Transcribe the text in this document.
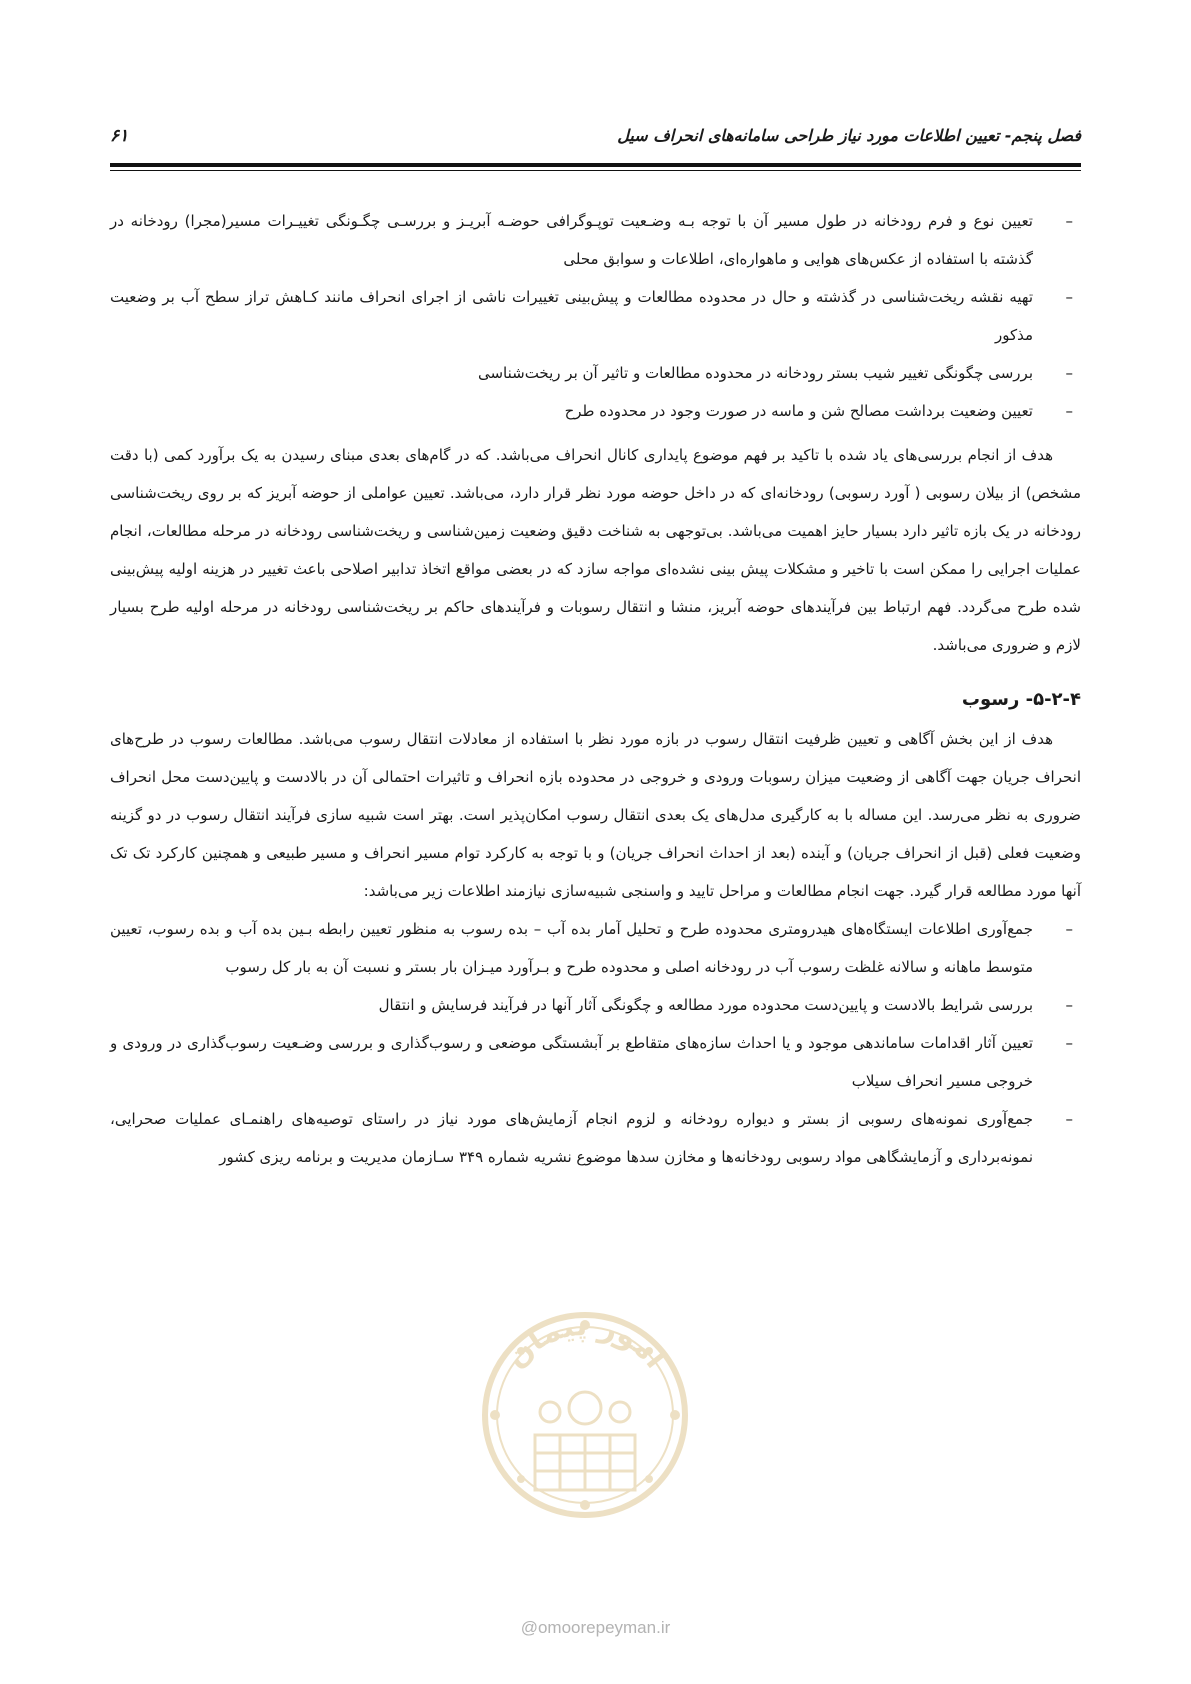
فصل پنجم- تعیین اطلاعات مورد نیاز طراحی سامانه‌های انحراف سیل
۶۱
–

تعیین نوع و فرم رودخانه در طول مسیر آن با توجه بـه وضـعیت توپـوگرافی حوضـه آبریـز و بررسـی چگـونگی تغییـرات مسیر(مجرا) رودخانه در گذشته با استفاده از عکس‌های هوایی و ماهواره‌ای، اطلاعات و سوابق محلی

–

تهیه نقشه ریخت‌شناسی در گذشته و حال در محدوده مطالعات و پیش‌بینی تغییرات ناشی از اجرای انحراف مانند کـاهش تراز سطح آب بر وضعیت مذکور

–

بررسی چگونگی تغییر شیب بستر رودخانه در محدوده مطالعات و تاثیر آن بر ریخت‌شناسی

–

تعیین وضعیت برداشت مصالح شن و ماسه در صورت وجود در محدوده طرح

هدف از انجام بررسی‌های یاد شده با تاکید بر فهم موضوع پایداری کانال انحراف می‌باشد. که در گام‌های بعدی مبنای رسیدن به یک برآورد کمی (با دقت مشخص) از بیلان رسوبی ( آورد رسوبی) رودخانه‌ای که در داخل حوضه مورد نظر قرار دارد، می‌باشد. تعیین عواملی از حوضه آبریز که بر روی ریخت‌شناسی رودخانه در یک بازه تاثیر دارد بسیار حایز اهمیت می‌باشد. بی‌توجهی به شناخت دقیق وضعیت زمین‌شناسی و ریخت‌شناسی رودخانه در مرحله مطالعات، انجام عملیات اجرایی را ممکن است با تاخیر و مشکلات پیش بینی نشده‌ای مواجه سازد که در بعضی مواقع اتخاذ تدابیر اصلاحی باعث تغییر در هزینه اولیه پیش‌بینی شده طرح می‌گردد. فهم ارتباط بین فرآیندهای حوضه آبریز، منشا و انتقال رسوبات و فرآیندهای حاکم بر ریخت‌شناسی رودخانه در مرحله اولیه طرح بسیار لازم و ضروری می‌باشد.

۵-۲-۴- رسوب

هدف از این بخش آگاهی و تعیین ظرفیت انتقال رسوب در بازه مورد نظر با استفاده از معادلات انتقال رسوب می‌باشد. مطالعات رسوب در طرح‌های انحراف جریان جهت آگاهی از وضعیت میزان رسوبات ورودی و خروجی در محدوده بازه انحراف و تاثیرات احتمالی آن در بالادست و پایین‌دست محل انحراف ضروری به نظر می‌رسد. این مساله با به کارگیری مدل‌های یک بعدی انتقال رسوب امکان‌پذیر است. بهتر است شبیه سازی فرآیند انتقال رسوب در دو گزینه وضعیت فعلی (قبل از انحراف جریان) و آینده (بعد از احداث انحراف جریان) و با توجه به کارکرد توام مسیر انحراف و مسیر طبیعی و همچنین کارکرد تک تک آنها مورد مطالعه قرار گیرد. جهت انجام مطالعات و مراحل تایید و واسنجی شبیه‌سازی نیازمند اطلاعات زیر می‌باشد:

–

جمع‌آوری اطلاعات ایستگاه‌های هیدرومتری محدوده طرح و تحلیل آمار بده آب – بده رسوب به منظور تعیین رابطه بـین بده آب و بده رسوب، تعیین متوسط ماهانه و سالانه غلظت رسوب آب در رودخانه اصلی و محدوده طرح و بـرآورد میـزان بار بستر و نسبت آن به بار کل رسوب

–

بررسی شرایط بالادست و پایین‌دست محدوده مورد مطالعه و چگونگی آثار آنها در فرآیند فرسایش و انتقال

–

تعیین آثار اقدامات ساماندهی موجود و یا احداث سازه‌های متقاطع بر آبشستگی موضعی و رسوب‌گذاری و بررسی وضـعیت رسوب‌گذاری در ورودی و خروجی مسیر انحراف سیلاب

–

جمع‌آوری نمونه‌های رسوبی از بستر و دیواره رودخانه و لزوم انجام آزمایش‌های مورد نیاز در راستای توصیه‌های راهنمـای عملیات صحرایی، نمونه‌برداری و آزمایشگاهی مواد رسوبی رودخانه‌ها و مخازن سدها موضوع نشریه شماره ۳۴۹ سـازمان مدیریت و برنامه ریزی کشور

امور پیمان
@omoorepeyman.ir
